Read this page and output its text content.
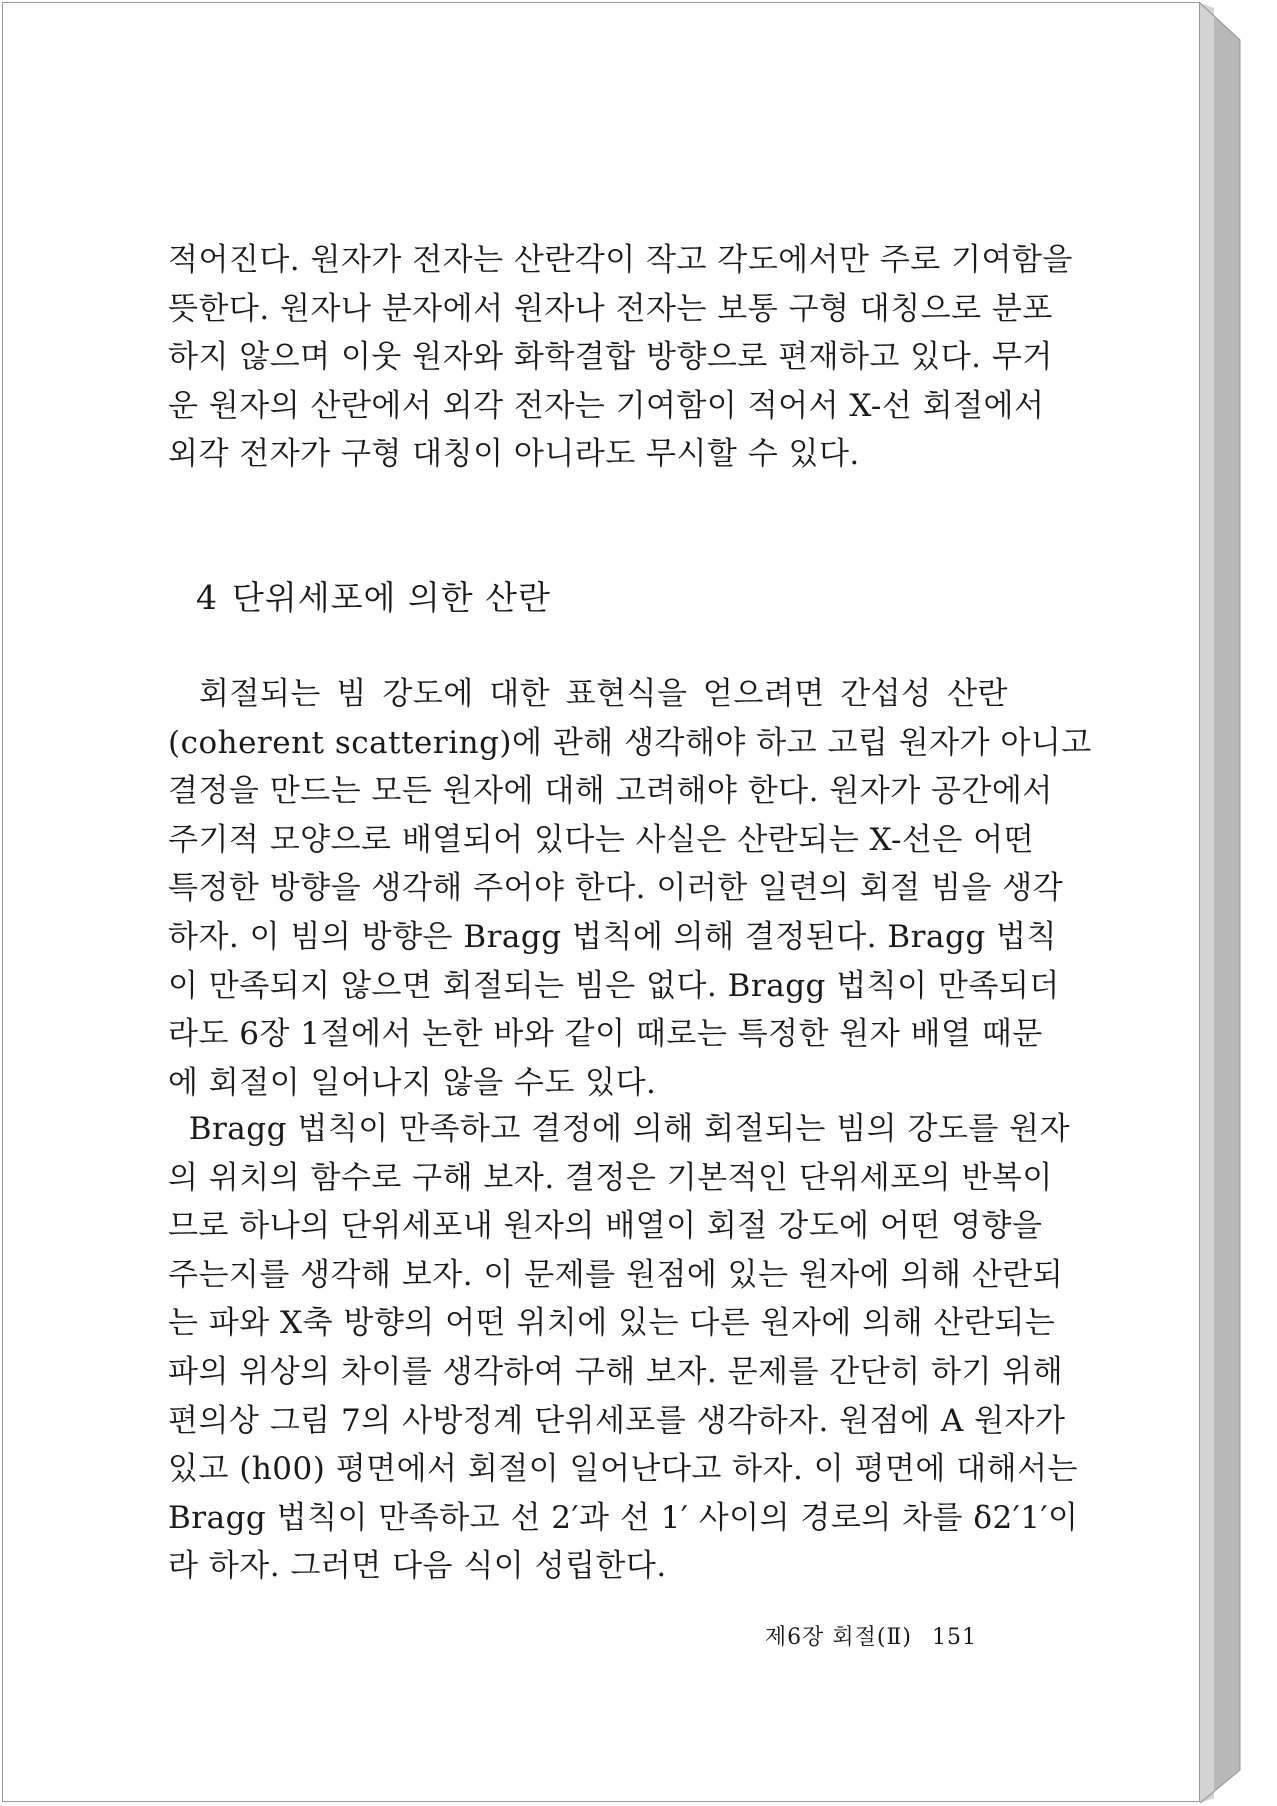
적어진다. 원자가 전자는 산란각이 작고 각도에서만 주로 기여함을
뜻한다. 원자나 분자에서 원자나 전자는 보통 구형 대칭으로 분포
하지 않으며 이웃 원자와 화학결합 방향으로 편재하고 있다. 무거
운 원자의 산란에서 외각 전자는 기여함이 적어서 X-선 회절에서
외각 전자가 구형 대칭이 아니라도 무시할 수 있다.
4 단위세포에 의한 산란
회절되는 빔 강도에 대한 표현식을 얻으려면 간섭성 산란
(coherent scattering)에 관해 생각해야 하고 고립 원자가 아니고
결정을 만드는 모든 원자에 대해 고려해야 한다. 원자가 공간에서
주기적 모양으로 배열되어 있다는 사실은 산란되는 X-선은 어떤
특정한 방향을 생각해 주어야 한다. 이러한 일련의 회절 빔을 생각
하자. 이 빔의 방향은 Bragg 법칙에 의해 결정된다. Bragg 법칙
이 만족되지 않으면 회절되는 빔은 없다. Bragg 법칙이 만족되더
라도 6장 1절에서 논한 바와 같이 때로는 특정한 원자 배열 때문
에 회절이 일어나지 않을 수도 있다.
Bragg 법칙이 만족하고 결정에 의해 회절되는 빔의 강도를 원자
의 위치의 함수로 구해 보자. 결정은 기본적인 단위세포의 반복이
므로 하나의 단위세포내 원자의 배열이 회절 강도에 어떤 영향을
주는지를 생각해 보자. 이 문제를 원점에 있는 원자에 의해 산란되
는 파와 X축 방향의 어떤 위치에 있는 다른 원자에 의해 산란되는
파의 위상의 차이를 생각하여 구해 보자. 문제를 간단히 하기 위해
편의상 그림 7의 사방정계 단위세포를 생각하자. 원점에 A 원자가
있고 (h00) 평면에서 회절이 일어난다고 하자. 이 평면에 대해서는
Bragg 법칙이 만족하고 선 2′과 선 1′ 사이의 경로의 차를 δ2′1′이
라 하자. 그러면 다음 식이 성립한다.
제6장 회절(Ⅱ) 151
